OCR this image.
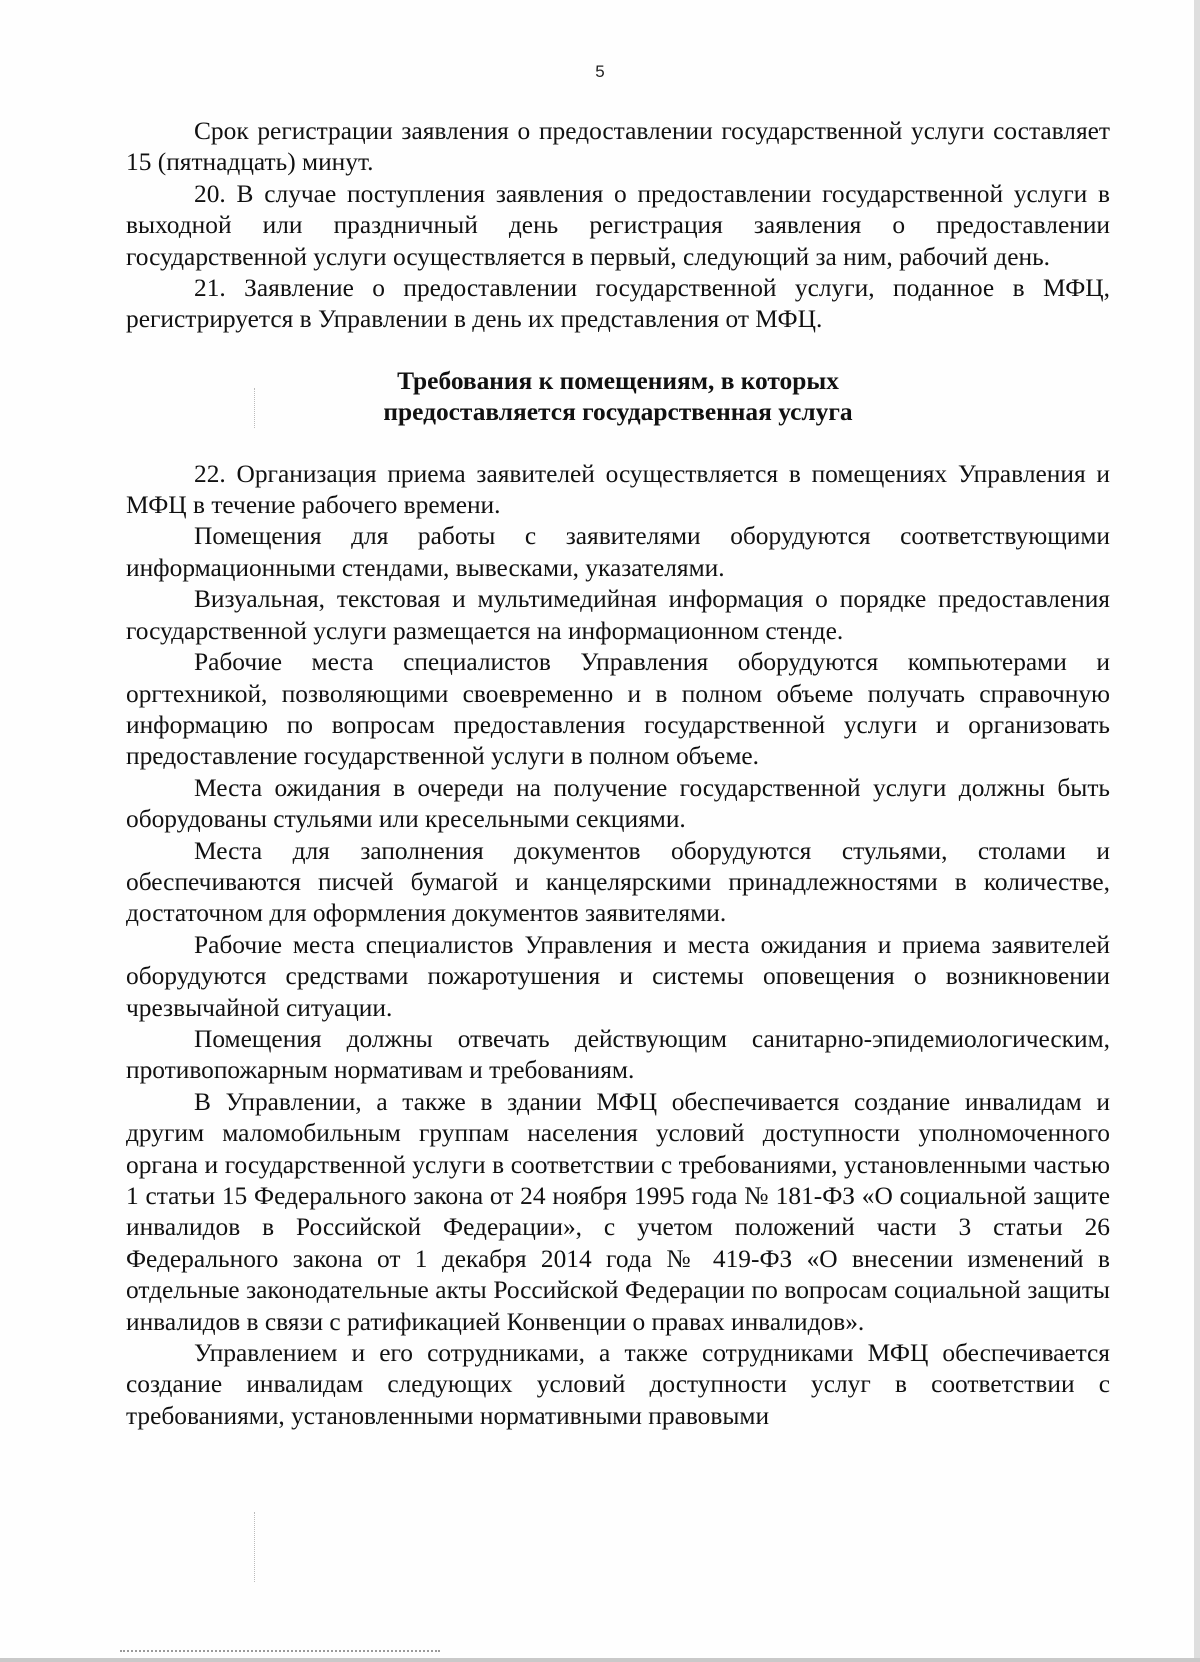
5

Срок регистрации заявления о предоставлении государственной услуги составляет 15 (пятнадцать) минут.

20. В случае поступления заявления о предоставлении государственной услуги в выходной или праздничный день регистрация заявления о предоставлении государственной услуги осуществляется в первый, следующий за ним, рабочий день.

21. Заявление о предоставлении государственной услуги, поданное в МФЦ, регистрируется в Управлении в день их представления от МФЦ.

Требования к помещениям, в которых
предоставляется государственная услуга

22. Организация приема заявителей осуществляется в помещениях Управления и МФЦ в течение рабочего времени.

Помещения для работы с заявителями оборудуются соответствующими информационными стендами, вывесками, указателями.

Визуальная, текстовая и мультимедийная информация о порядке предоставления государственной услуги размещается на информационном стенде.

Рабочие места специалистов Управления оборудуются компьютерами и оргтехникой, позволяющими своевременно и в полном объеме получать справочную информацию по вопросам предоставления государственной услуги и организовать предоставление государственной услуги в полном объеме.

Места ожидания в очереди на получение государственной услуги должны быть оборудованы стульями или кресельными секциями.

Места для заполнения документов оборудуются стульями, столами и обеспечиваются писчей бумагой и канцелярскими принадлежностями в количестве, достаточном для оформления документов заявителями.

Рабочие места специалистов Управления и места ожидания и приема заявителей оборудуются средствами пожаротушения и системы оповещения о возникновении чрезвычайной ситуации.

Помещения должны отвечать действующим санитарно-эпидемиологическим, противопожарным нормативам и требованиям.

В Управлении, а также в здании МФЦ обеспечивается создание инвалидам и другим маломобильным группам населения условий доступности уполномоченного органа и государственной услуги в соответствии с требованиями, установленными частью 1 статьи 15 Федерального закона от 24 ноября 1995 года № 181-ФЗ «О социальной защите инвалидов в Российской Федерации», с учетом положений части 3 статьи 26 Федерального закона от 1 декабря 2014 года № 419-ФЗ «О внесении изменений в отдельные законодательные акты Российской Федерации по вопросам социальной защиты инвалидов в связи с ратификацией Конвенции о правах инвалидов».

Управлением и его сотрудниками, а также сотрудниками МФЦ обеспечивается создание инвалидам следующих условий доступности услуг в соответствии с требованиями, установленными нормативными правовыми
